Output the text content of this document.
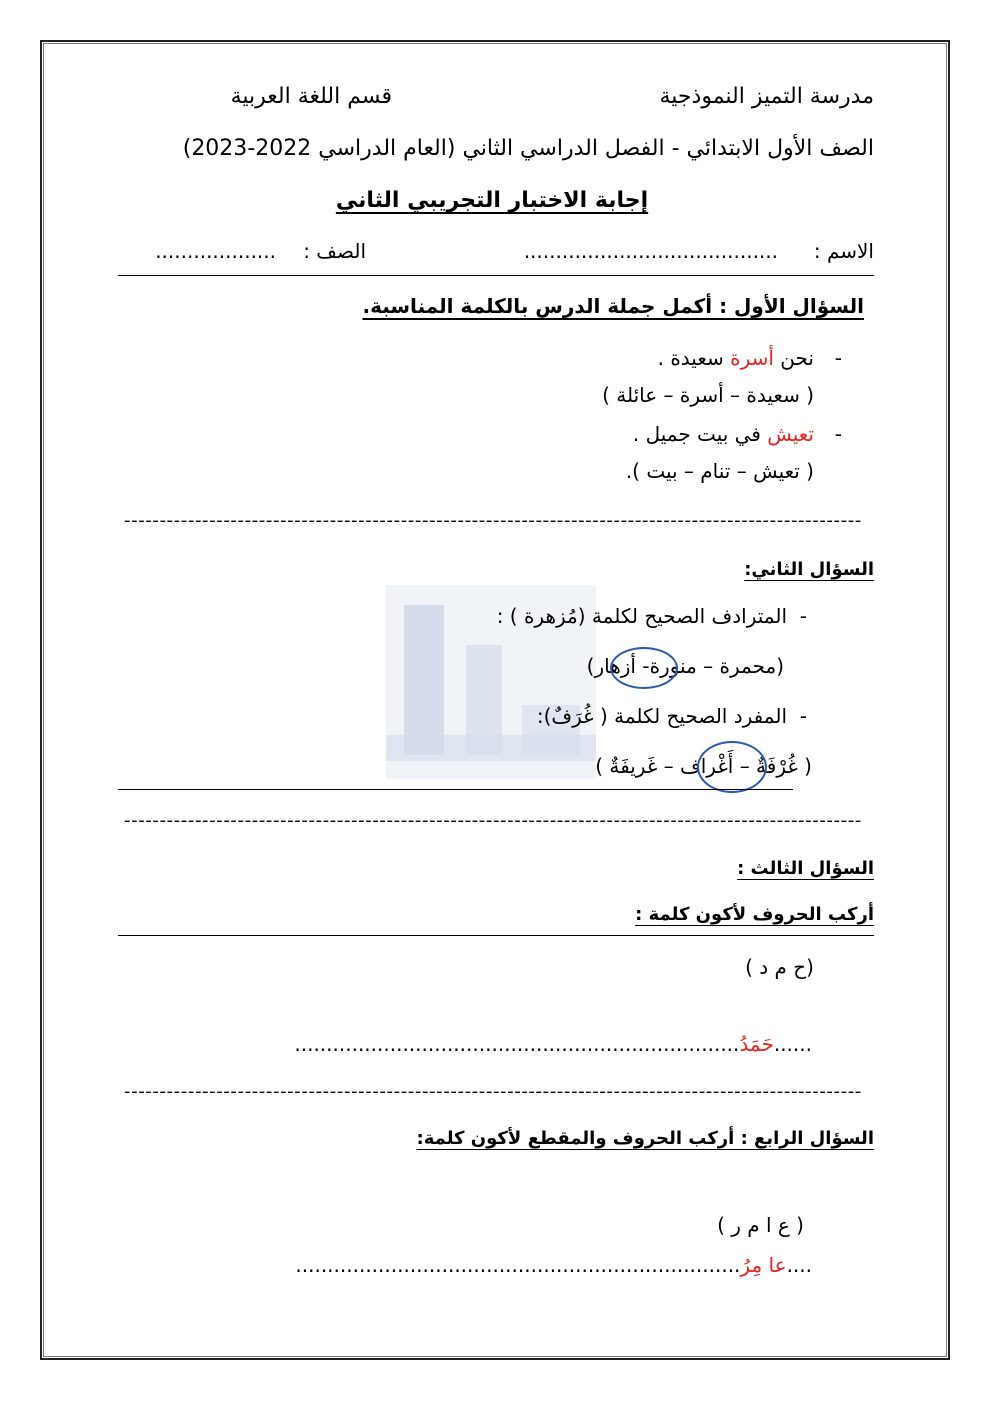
مدرسة التميز النموذجية
قسم اللغة العربية
الصف الأول الابتدائي - الفصل الدراسي الثاني (العام الدراسي 2022-2023)
إجابة الاختبار التجريبي الثاني
الاسم :
........................................
الصف :
...................
السؤال الأول : أكمل جملة الدرس بالكلمة المناسبة.
نحن أسرة سعيدة .	-
( سعيدة – أسرة – عائلة )
تعيش في بيت جميل .	-
( تعيش – تنام – بيت ).
--------------------------------------------------------------------------------------------------------
السؤال الثاني:
المترادف الصحيح لكلمة (مُزهرة ) : -
(محمرة – منورة- أزهار)
المفرد الصحيح لكلمة ( غُرَفٌ): -
( غُرْفَةٌ – أَغْراف – غَريفَةٌ )
--------------------------------------------------------------------------------------------------------
السؤال الثالث :
أركب الحروف لأكون كلمة :
(ح م د )
......................................................................حَمَدُ......
--------------------------------------------------------------------------------------------------------
السؤال الرابع : أركب الحروف والمقطع لأكون كلمة:
( ع ا م ر )
......................................................................عا مِرُ....
